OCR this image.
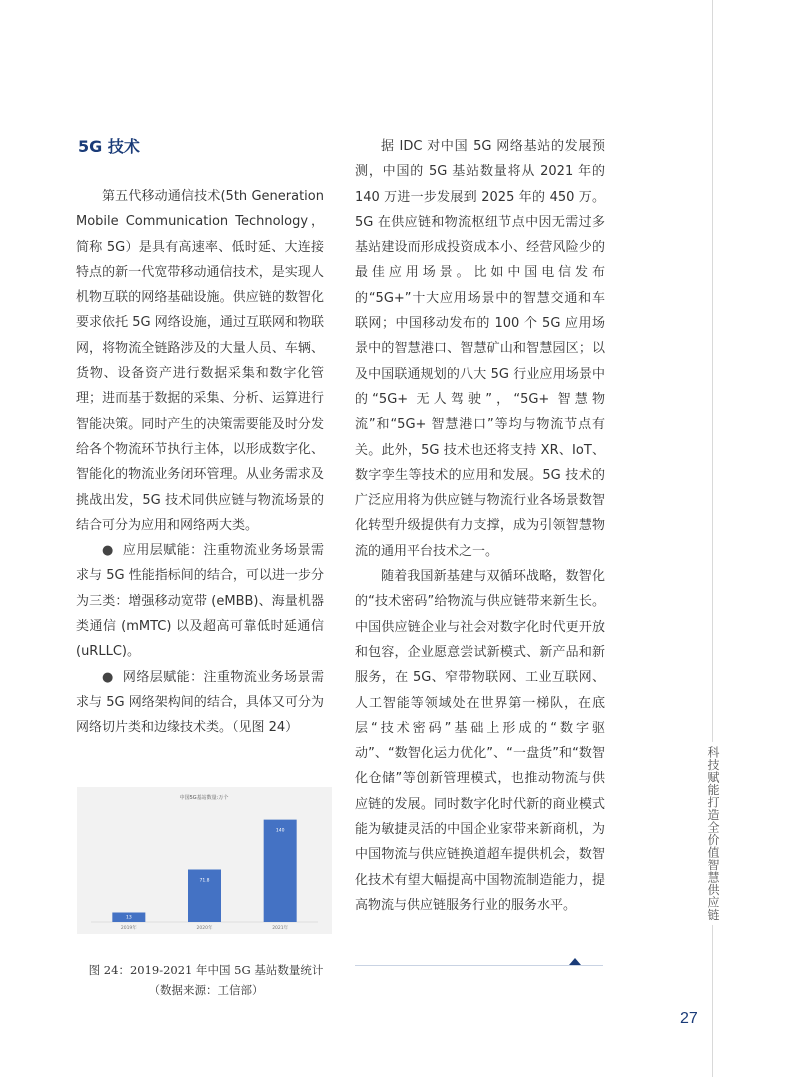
科技赋能打造全价值智慧供应链
27
5G 技术

第五代移动通信技术(5th Generation Mobile Communication Technology，简称 5G）是具有高速率、低时延、大连接特点的新一代宽带移动通信技术，是实现人机物互联的网络基础设施。供应链的数智化要求依托 5G 网络设施，通过互联网和物联网，将物流全链路涉及的大量人员、车辆、货物、设备资产进行数据采集和数字化管理；进而基于数据的采集、分析、运算进行智能决策。同时产生的决策需要能及时分发给各个物流环节执行主体，以形成数字化、智能化的物流业务闭环管理。从业务需求及挑战出发，5G 技术同供应链与物流场景的结合可分为应用和网络两大类。

● 应用层赋能：注重物流业务场景需求与 5G 性能指标间的结合，可以进一步分为三类：增强移动宽带 (eMBB)、海量机器类通信 (mMTC) 以及超高可靠低时延通信 (uRLLC)。

● 网络层赋能：注重物流业务场景需求与 5G 网络架构间的结合，具体又可分为网络切片类和边缘技术类。（见图 24）

中国5G基站数量:万个
13
2019年
71.8
2020年
140
2021年
图 24：2019-2021 年中国 5G 基站数量统计
（数据来源：工信部）

据 IDC 对中国 5G 网络基站的发展预测，中国的 5G 基站数量将从 2021 年的 140 万进一步发展到 2025 年的 450 万。5G 在供应链和物流枢纽节点中因无需过多基站建设而形成投资成本小、经营风险少的最佳应用场景。比如中国电信发布的“5G+”十大应用场景中的智慧交通和车联网；中国移动发布的 100 个 5G 应用场景中的智慧港口、智慧矿山和智慧园区；以及中国联通规划的八大 5G 行业应用场景中的“5G+ 无人驾驶”，“5G+ 智慧物流”和“5G+ 智慧港口”等均与物流节点有关。此外，5G 技术也还将支持 XR、IoT、数字孪生等技术的应用和发展。5G 技术的广泛应用将为供应链与物流行业各场景数智化转型升级提供有力支撑，成为引领智慧物流的通用平台技术之一。

随着我国新基建与双循环战略，数智化的“技术密码”给物流与供应链带来新生长。中国供应链企业与社会对数字化时代更开放和包容，企业愿意尝试新模式、新产品和新服务，在 5G、窄带物联网、工业互联网、人工智能等领域处在世界第一梯队，在底层“技术密码”基础上形成的“数字驱动”、“数智化运力优化”、“一盘货”和“数智化仓储”等创新管理模式，也推动物流与供应链的发展。同时数字化时代新的商业模式能为敏捷灵活的中国企业家带来新商机，为中国物流与供应链换道超车提供机会，数智化技术有望大幅提高中国物流制造能力，提高物流与供应链服务行业的服务水平。
